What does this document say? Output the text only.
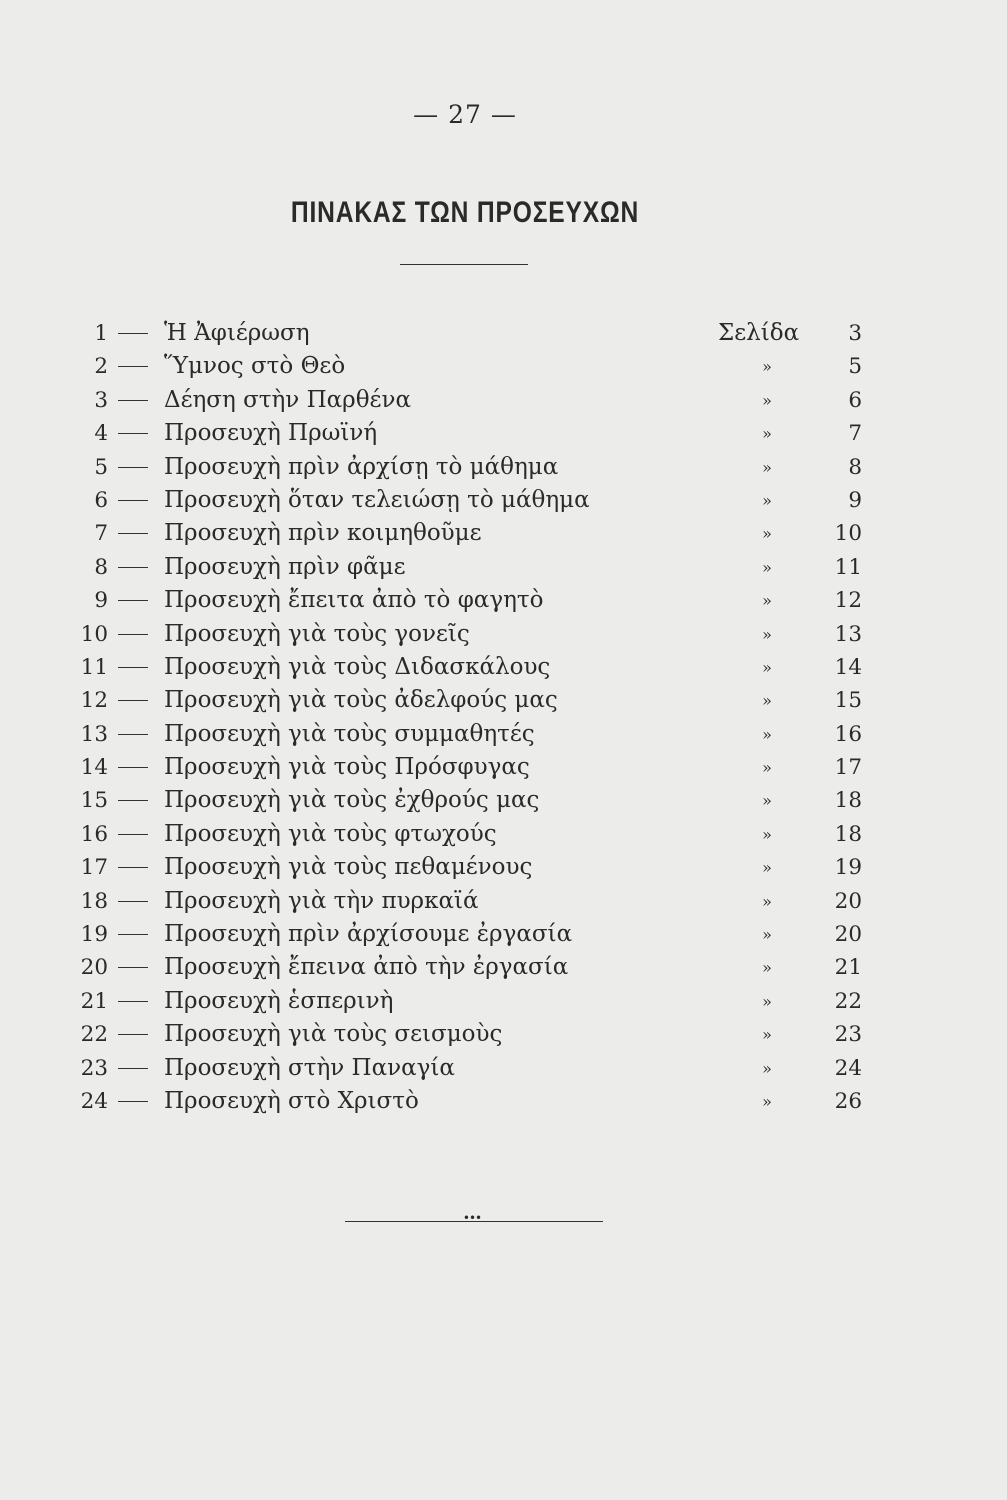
— 27 —
ΠΙΝΑΚΑΣ ΤΩΝ ΠΡΟΣΕΥΧΩΝ
1 Ἡ Ἀφιέρωση	Σελίδα	3
2 Ὕμνος στὸ Θεὸ	»	5
3 Δέηση στὴν Παρθένα	»	6
4 Προσευχὴ Πρωϊνή	»	7
5 Προσευχὴ πρὶν ἀρχίσῃ τὸ μάθημα	»	8
6 Προσευχὴ ὅταν τελειώσῃ τὸ μάθημα	»	9
7 Προσευχὴ πρὶν κοιμηθοῦμε	»	10
8 Προσευχὴ πρὶν φᾶμε	»	11
9 Προσευχὴ ἔπειτα ἀπὸ τὸ φαγητὸ	»	12
10 Προσευχὴ γιὰ τοὺς γονεῖς	»	13
11 Προσευχὴ γιὰ τοὺς Διδασκάλους	»	14
12 Προσευχὴ γιὰ τοὺς ἀδελφούς μας	»	15
13 Προσευχὴ γιὰ τοὺς συμμαθητές	»	16
14 Προσευχὴ γιὰ τοὺς Πρόσφυγας	»	17
15 Προσευχὴ γιὰ τοὺς ἐχθρούς μας	»	18
16 Προσευχὴ γιὰ τοὺς φτωχούς	»	18
17 Προσευχὴ γιὰ τοὺς πεθαμένους	»	19
18 Προσευχὴ γιὰ τὴν πυρκαϊά	»	20
19 Προσευχὴ πρὶν ἀρχίσουμε ἐργασία	»	20
20 Προσευχὴ ἔπεινα ἀπὸ τὴν ἐργασία	»	21
21 Προσευχὴ ἑσπερινὴ	»	22
22 Προσευχὴ γιὰ τοὺς σεισμοὺς	»	23
23 Προσευχὴ στὴν Παναγία	»	24
24 Προσευχὴ στὸ Χριστὸ	»	26
•••
